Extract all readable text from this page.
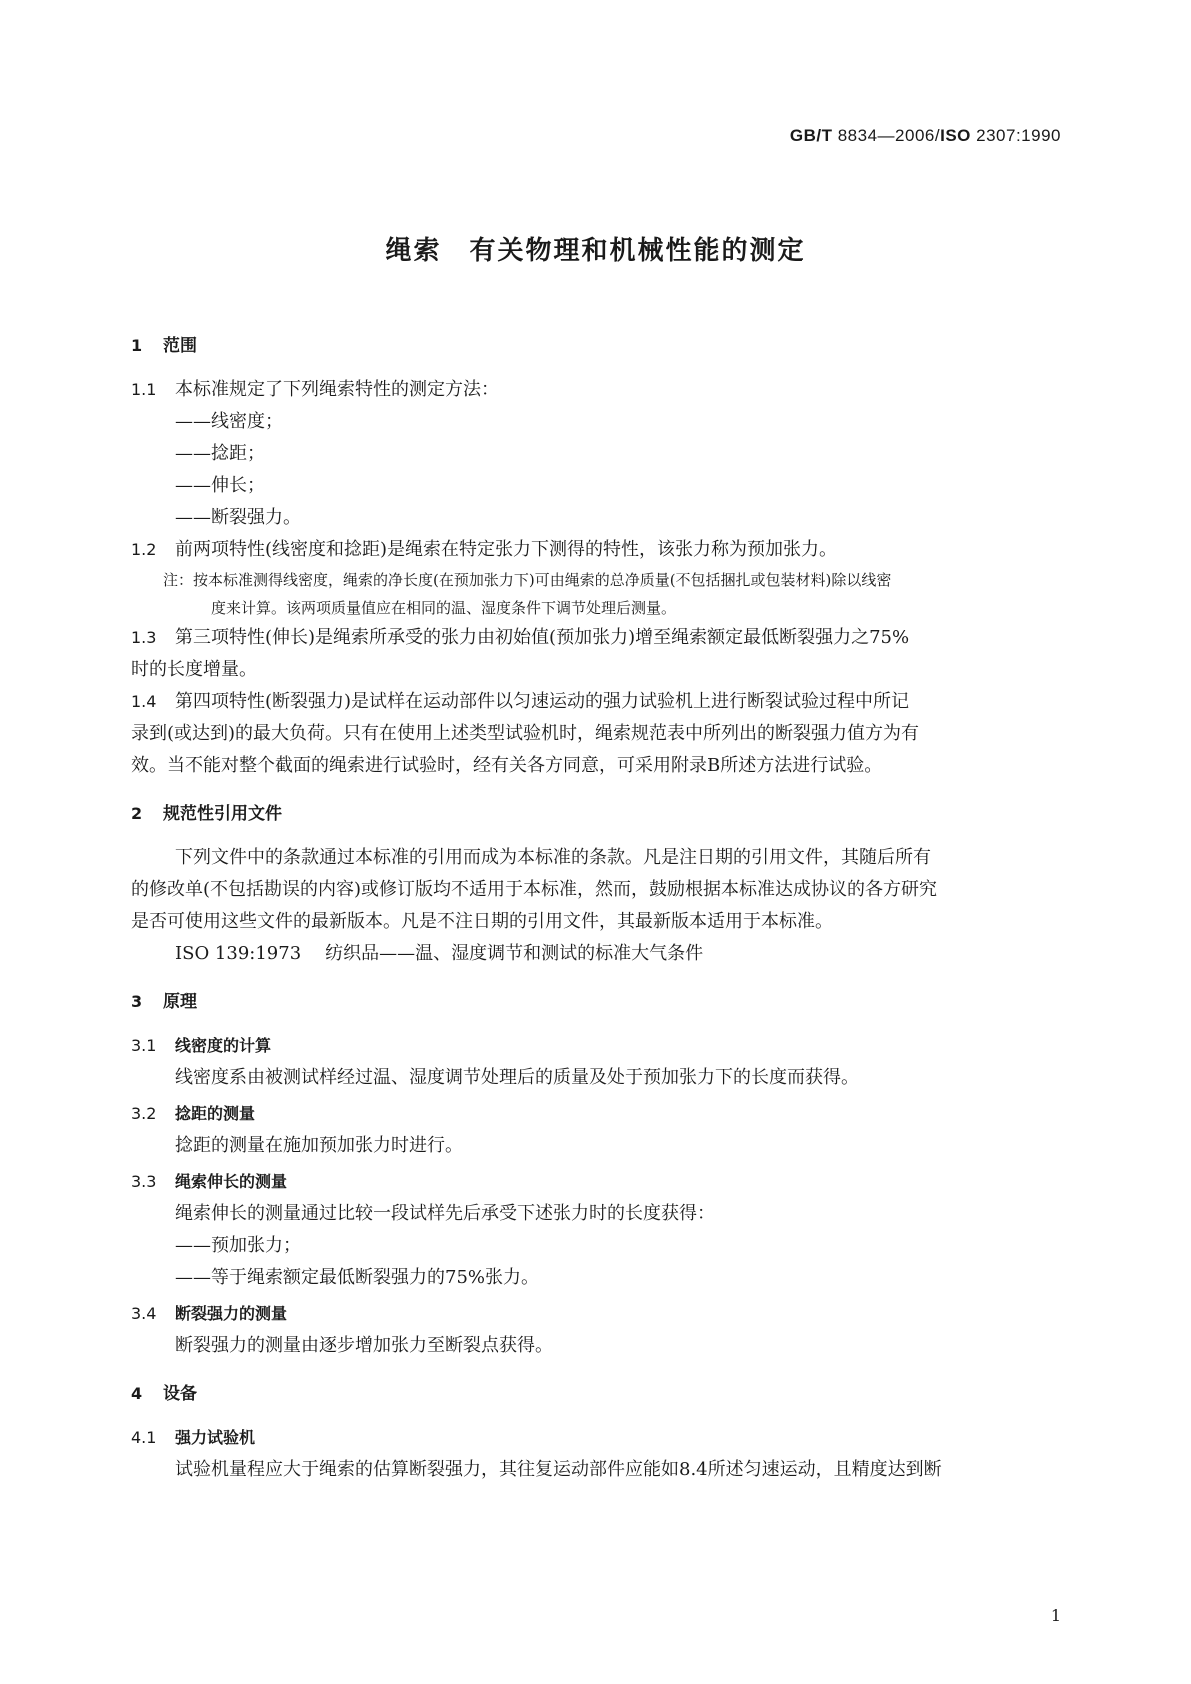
GB/T 8834—2006/ISO 2307:1990
绳索　有关物理和机械性能的测定
1 范围

1.1 本标准规定了下列绳索特性的测定方法：

——线密度；

——捻距；

——伸长；

——断裂强力。

1.2 前两项特性(线密度和捻距)是绳索在特定张力下测得的特性，该张力称为预加张力。

注：按本标准测得线密度，绳索的净长度(在预加张力下)可由绳索的总净质量(不包括捆扎或包装材料)除以线密
度来计算。该两项质量值应在相同的温、湿度条件下调节处理后测量。

1.3 第三项特性(伸长)是绳索所承受的张力由初始值(预加张力)增至绳索额定最低断裂强力之75%
时的长度增量。

1.4 第四项特性(断裂强力)是试样在运动部件以匀速运动的强力试验机上进行断裂试验过程中所记
录到(或达到)的最大负荷。只有在使用上述类型试验机时，绳索规范表中所列出的断裂强力值方为有
效。当不能对整个截面的绳索进行试验时，经有关各方同意，可采用附录B所述方法进行试验。

2 规范性引用文件

下列文件中的条款通过本标准的引用而成为本标准的条款。凡是注日期的引用文件，其随后所有

的修改单(不包括勘误的内容)或修订版均不适用于本标准，然而，鼓励根据本标准达成协议的各方研究
是否可使用这些文件的最新版本。凡是不注日期的引用文件，其最新版本适用于本标准。

ISO 139:1973 纺织品——温、湿度调节和测试的标准大气条件

3 原理
3.1 线密度的计算

线密度系由被测试样经过温、湿度调节处理后的质量及处于预加张力下的长度而获得。

3.2 捻距的测量

捻距的测量在施加预加张力时进行。

3.3 绳索伸长的测量

绳索伸长的测量通过比较一段试样先后承受下述张力时的长度获得：

——预加张力；

——等于绳索额定最低断裂强力的75%张力。

3.4 断裂强力的测量

断裂强力的测量由逐步增加张力至断裂点获得。

4 设备
4.1 强力试验机

试验机量程应大于绳索的估算断裂强力，其往复运动部件应能如8.4所述匀速运动，且精度达到断

1
